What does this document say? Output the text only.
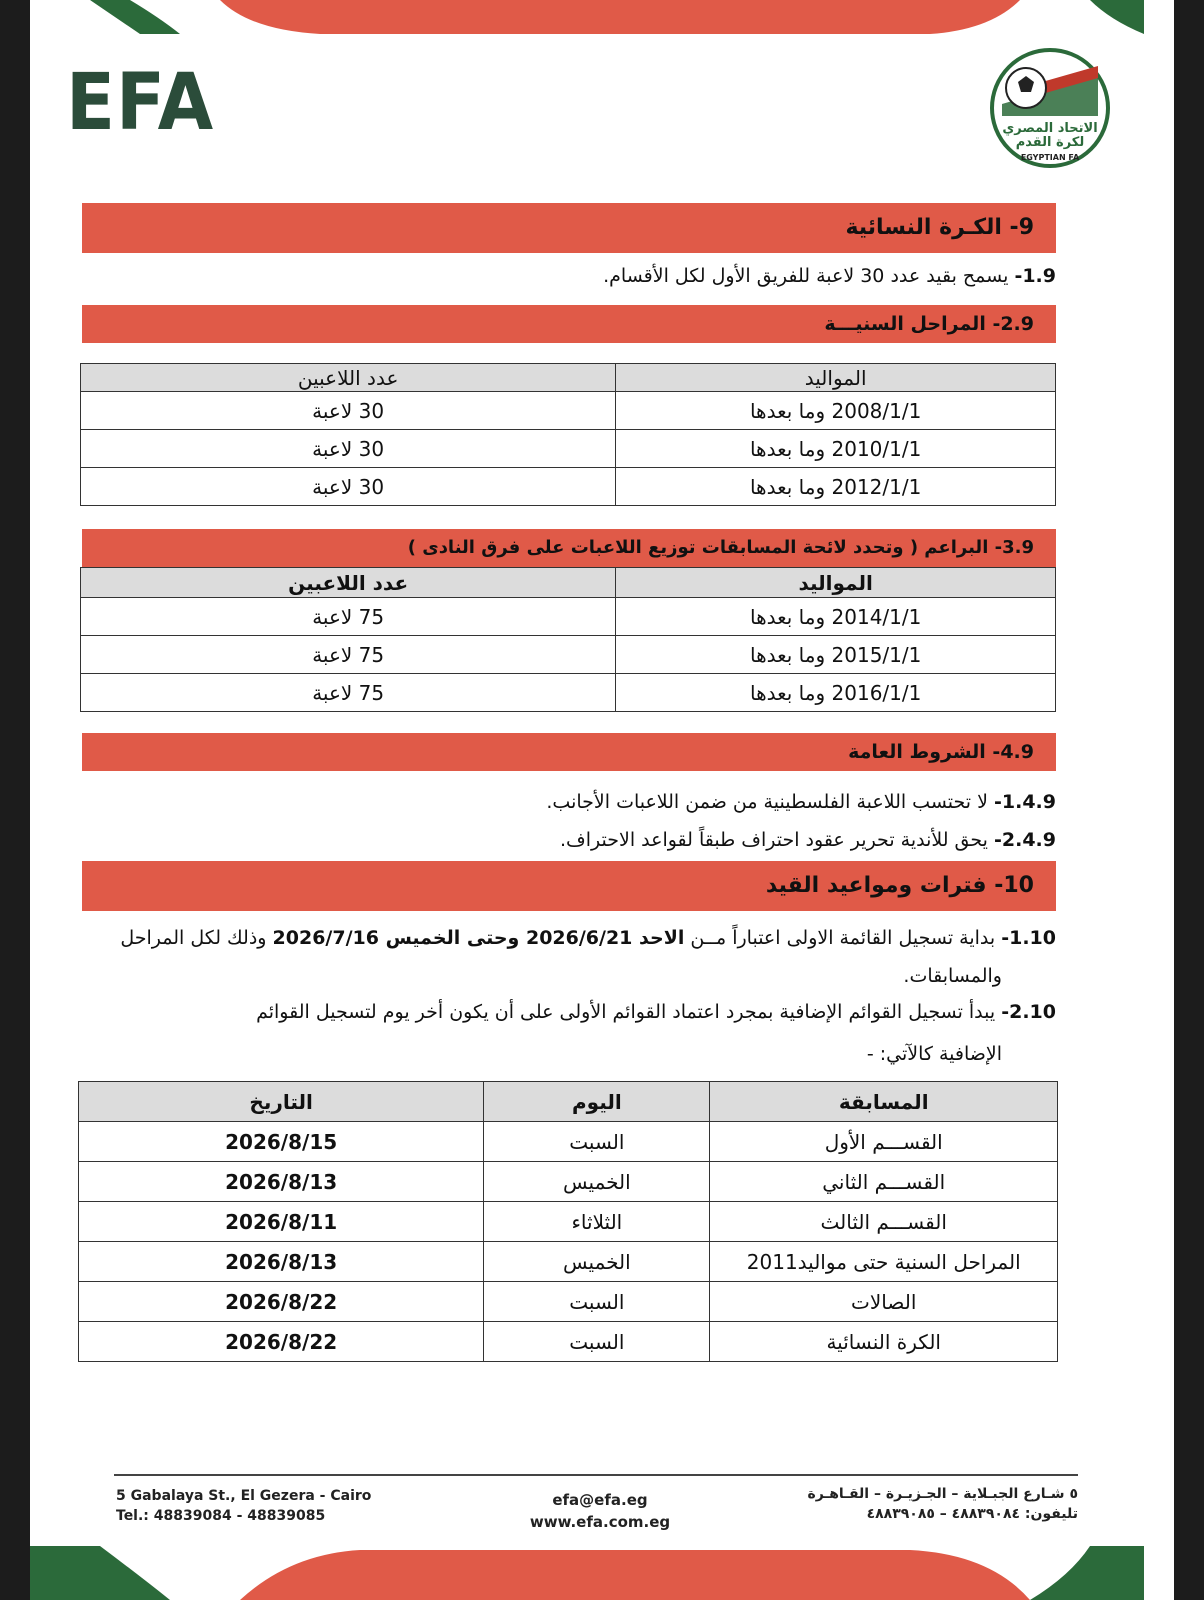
EFA	الاتحاد المصري
لكرة القدم
EGYPTIAN FA
9- الكـرة النسائية
1.9- يسمح بقيد عدد 30 لاعبة للفريق الأول لكل الأقسام.
2.9- المراحل السنيـــة
المواليد	عدد اللاعبين
2008/1/1 وما بعدها	30 لاعبة
2010/1/1 وما بعدها	30 لاعبة
2012/1/1 وما بعدها	30 لاعبة
3.9- البراعم ( وتحدد لائحة المسابقات توزيع اللاعبات على فرق النادى )
المواليد	عدد اللاعبين
2014/1/1 وما بعدها	75 لاعبة
2015/1/1 وما بعدها	75 لاعبة
2016/1/1 وما بعدها	75 لاعبة
4.9- الشروط العامة
1.4.9- لا تحتسب اللاعبة الفلسطينية من ضمن اللاعبات الأجانب.
2.4.9- يحق للأندية تحرير عقود احتراف طبقاً لقواعد الاحتراف.
10- فترات ومواعيد القيد
1.10- بداية تسجيل القائمة الاولى اعتباراً مــن الاحد 2026/6/21 وحتى الخميس 2026/7/16 وذلك لكل المراحل
والمسابقات.
2.10- يبدأ تسجيل القوائم الإضافية بمجرد اعتماد القوائم الأولى على أن يكون أخر يوم لتسجيل القوائم
الإضافية كالآتي: -
المسابقة	اليوم	التاريخ
القســـم الأول	السبت	2026/8/15
القســـم الثاني	الخميس	2026/8/13
القســـم الثالث	الثلاثاء	2026/8/11
المراحل السنية حتى مواليد2011	الخميس	2026/8/13
الصالات	السبت	2026/8/22
الكرة النسائية	السبت	2026/8/22
5 Gabalaya St., El Gezera - Cairo
Tel.: 48839084 - 48839085
efa@efa.eg
www.efa.com.eg
٥ شـارع الجبـلاية – الجـزيـرة – القـاهـرة
تليفون: ٤٨٨٣٩٠٨٤ – ٤٨٨٣٩٠٨٥
